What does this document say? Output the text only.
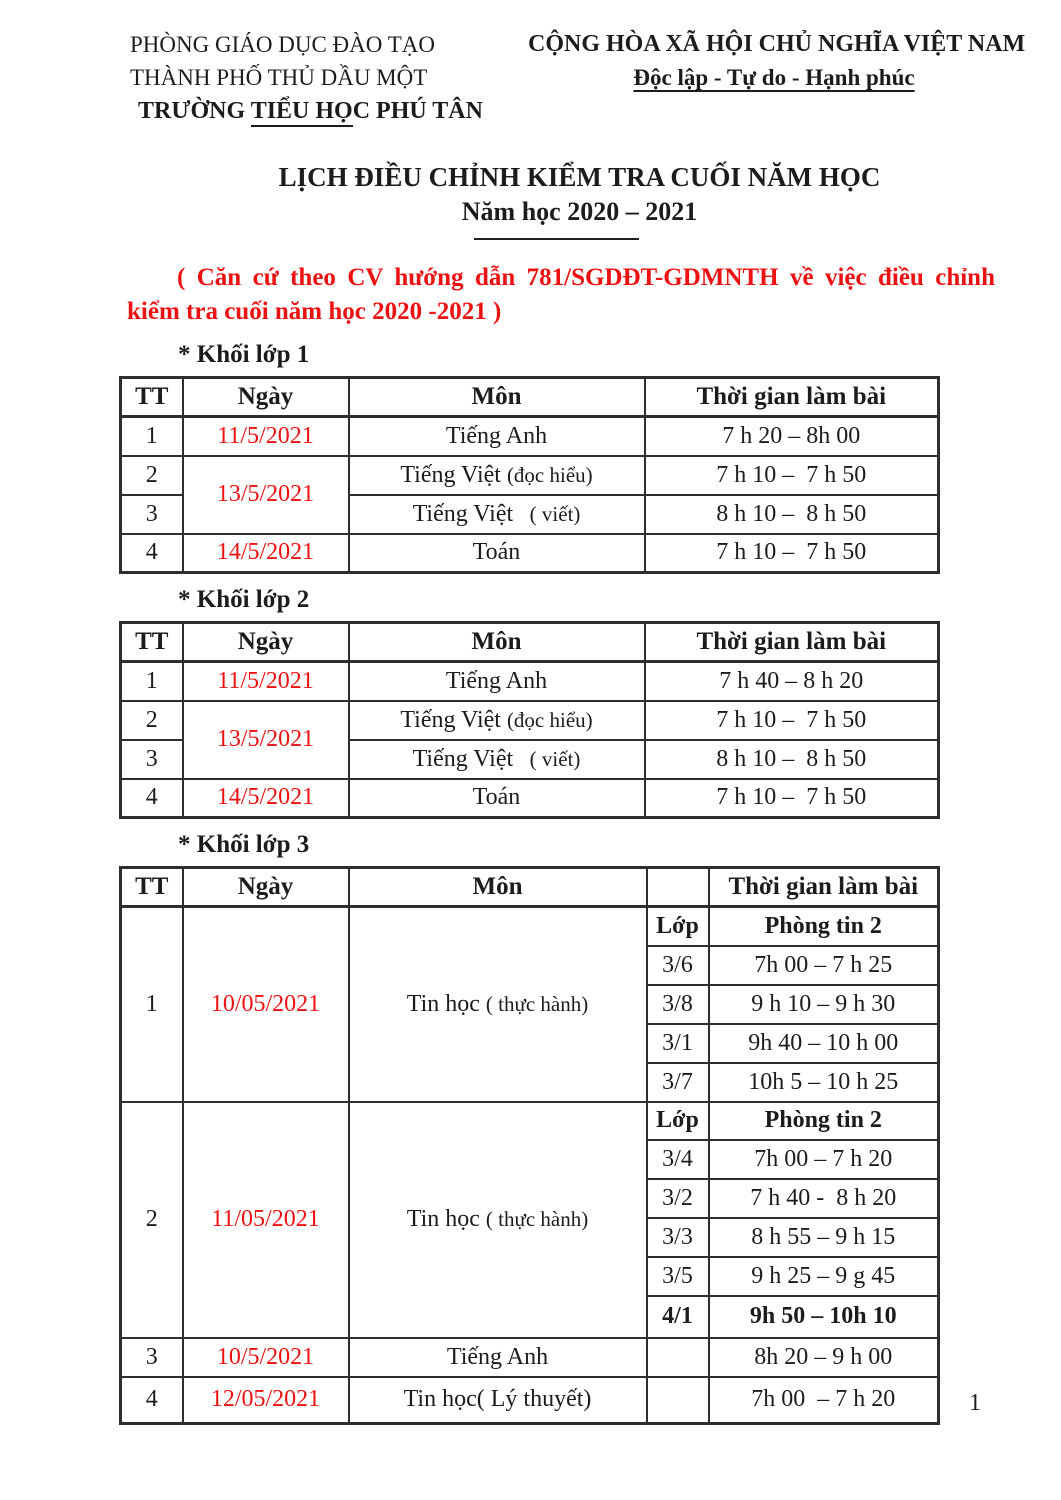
PHÒNG GIÁO DỤC ĐÀO TẠO
THÀNH PHỐ THỦ DẦU MỘT
TRƯỜNG TIỂU HỌC PHÚ TÂN
CỘNG HÒA XÃ HỘI CHỦ NGHĨA VIỆT NAM
Độc lập - Tự do - Hạnh phúc
LỊCH ĐIỀU CHỈNH KIỂM TRA CUỐI NĂM HỌC
Năm học 2020 – 2021
( Căn cứ theo CV hướng dẫn 781/SGDĐT-GDMNTH về việc điều chỉnh
kiểm tra cuối năm học 2020 -2021 )
* Khối lớp 1
TT	Ngày	Môn	Thời gian làm bài
1	11/5/2021	Tiếng Anh	7 h 20 – 8h 00
2	13/5/2021	Tiếng Việt (đọc hiểu)	7 h 10 –  7 h 50
3		Tiếng Việt  ( viết)	8 h 10 –  8 h 50
4	14/5/2021	Toán	7 h 10 –  7 h 50
* Khối lớp 2
TT	Ngày	Môn	Thời gian làm bài
1	11/5/2021	Tiếng Anh	7 h 40 – 8 h 20
2	13/5/2021	Tiếng Việt (đọc hiểu)	7 h 10 –  7 h 50
3		Tiếng Việt  ( viết)	8 h 10 –  8 h 50
4	14/5/2021	Toán	7 h 10 –  7 h 50
* Khối lớp 3
TT	Ngày	Môn		Thời gian làm bài
1	10/05/2021	Tin học ( thực hành)	Lớp	Phòng tin 2
			3/6	7h 00 – 7 h 25
			3/8	9 h 10 – 9 h 30
			3/1	9h 40 – 10 h 00
			3/7	10h 5 – 10 h 25
2	11/05/2021	Tin học ( thực hành)	Lớp	Phòng tin 2
			3/4	7h 00 – 7 h 20
			3/2	7 h 40 -  8 h 20
			3/3	8 h 55 – 9 h 15
			3/5	9 h 25 – 9 g 45
			4/1	9h 50 – 10h 10
3	10/5/2021	Tiếng Anh		8h 20 – 9 h 00
4	12/05/2021	Tin học( Lý thuyết)		7h 00  – 7 h 20	1
